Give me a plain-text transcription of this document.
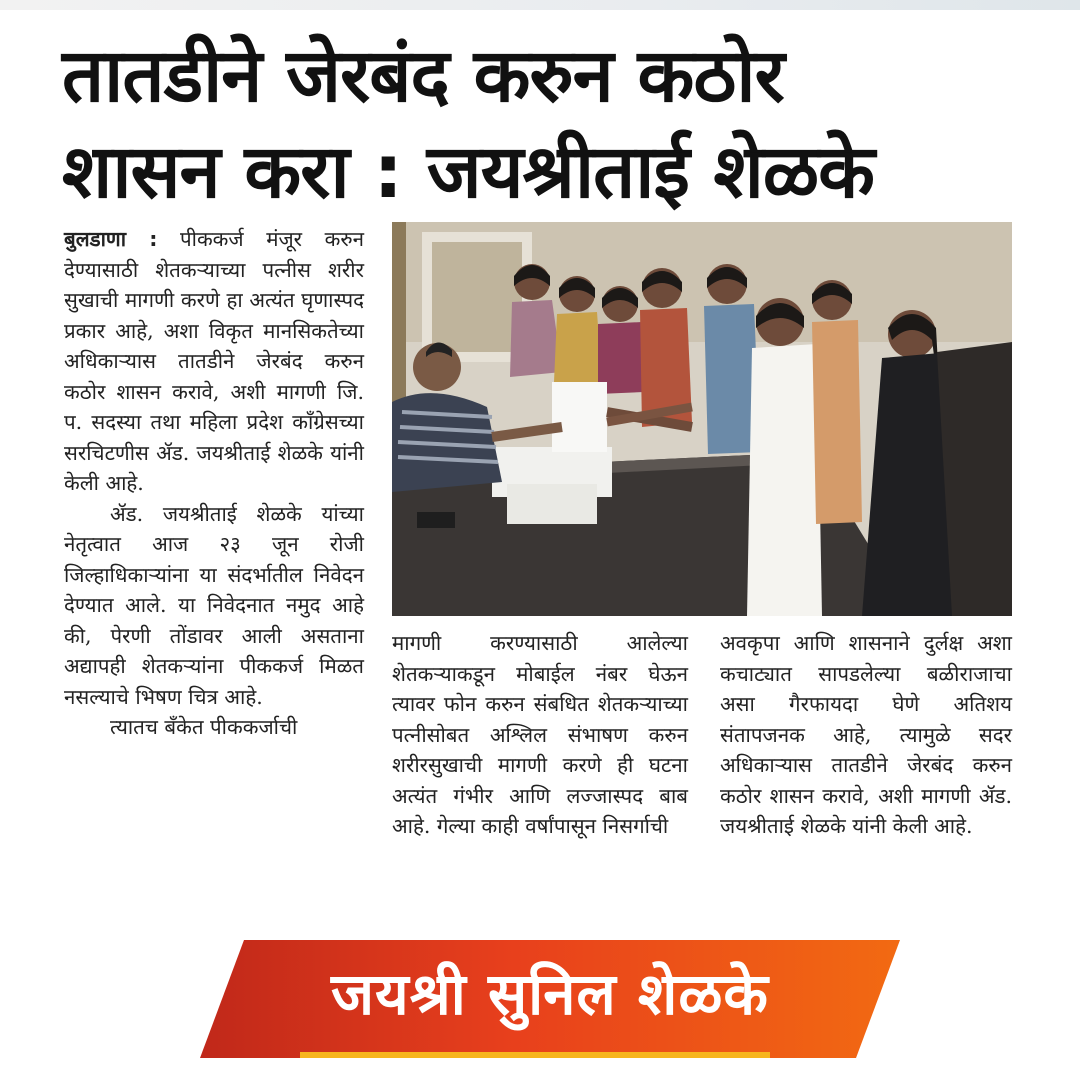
तातडीने जेरबंद करुन कठोर
शासन करा : जयश्रीताई शेळके

बुलडाणा : पीककर्ज मंजूर करुन देण्यासाठी शेतकऱ्याच्या पत्नीस शरीर सुखाची मागणी करणे हा अत्यंत घृणास्पद प्रकार आहे, अशा विकृत मानसिकतेच्या अधिकाऱ्यास तातडीने जेरबंद करुन कठोर शासन करावे, अशी मागणी जि. प. सदस्या तथा महिला प्रदेश काँग्रेसच्या सरचिटणीस ॲड. जयश्रीताई शेळके यांनी केली आहे.

ॲड. जयश्रीताई शेळके यांच्या नेतृत्वात आज २३ जून रोजी जिल्हाधिकाऱ्यांना या संदर्भातील निवेदन देण्यात आले. या निवेदनात नमुद आहे की, पेरणी तोंडावर आली असताना अद्यापही शेतकऱ्यांना पीककर्ज मिळत नसल्याचे भिषण चित्र आहे.

त्यातच बँकेत पीककर्जाची

मागणी करण्यासाठी आलेल्या शेतकऱ्याकडून मोबाईल नंबर घेऊन त्यावर फोन करुन संबधित शेतकऱ्याच्या पत्नीसोबत अश्लिल संभाषण करुन शरीरसुखाची मागणी करणे ही घटना अत्यंत गंभीर आणि लज्जास्पद बाब आहे. गेल्या काही वर्षांपासून निसर्गाची

अवकृपा आणि शासनाने दुर्लक्ष अशा कचाट्यात सापडलेल्या बळीराजाचा असा गैरफायदा घेणे अतिशय संतापजनक आहे, त्यामुळे सदर अधिकाऱ्यास तातडीने जेरबंद करुन कठोर शासन करावे, अशी मागणी ॲड. जयश्रीताई शेळके यांनी केली आहे.

जयश्री सुनिल शेळके
